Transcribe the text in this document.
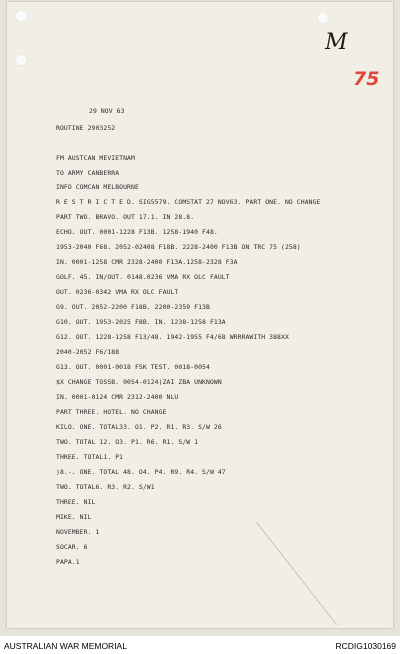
M
75
29 NOV 63
ROUTINE 2903252
FM AUSTCAN MEVIETNAM
TO ARMY CANBERRA
INFO COMCAN MELBOURNE
R E S T R I C T E D. SIG5579. COMSTAT 27 NOV63. PART ONE. NO CHANGE
PART TWO. BRAVO. OUT 17.1. IN 28.8.
ECHO. OUT. 0001-1228 F13B. 1258-1940 F48.
1953-2040 F68. 2052-02408 F18B. 2228-2400 F13B ON TRC 75 (258)
IN. 0001-1258 CMR 2328-2400 F13A.1258-2328 F3A
GOLF. 45. IN/OUT. 0148.0236 VMA RX OLC FAULT
OUT. 0236-0342 VMA RX OLC FAULT
G9. OUT. 2052-2200 F18B. 2200-2359 F13B
G10. OUT. 1953-2025 F8B. IN. 1238-1258 F13A
G12. OUT. 1228-1258 F13/48. 1942-1955 F4/68 WRRRAWITH 388XX
2040-2052 F6/188
G13. OUT. 0001-0018 FSK TEST. 0018-0054
$X CHANGE TOSSB. 0054-0124)ZAI ZBA UNKNOWN
IN. 0001-0124 CMR 2312-2400 NLU
PART THREE. HOTEL. NO CHANGE
KILO. ONE. TOTAL33. O1. P2. R1. R3. S/W 26
TWO. TOTAL 12. O3. P1. R6. R1. S/W 1
THREE. TOTAL1. P1
)8.-. ONE. TOTAL 48. O4. P4. R9. R4. S/W 47
TWO. TOTAL6. R3. R2. S/W1
THREE. NIL
MIKE. NIL
NOVEMBER. 1
SOCAR. 6
PAPA.1
AUSTRALIAN WAR MEMORIAL	RCDIG1030169
